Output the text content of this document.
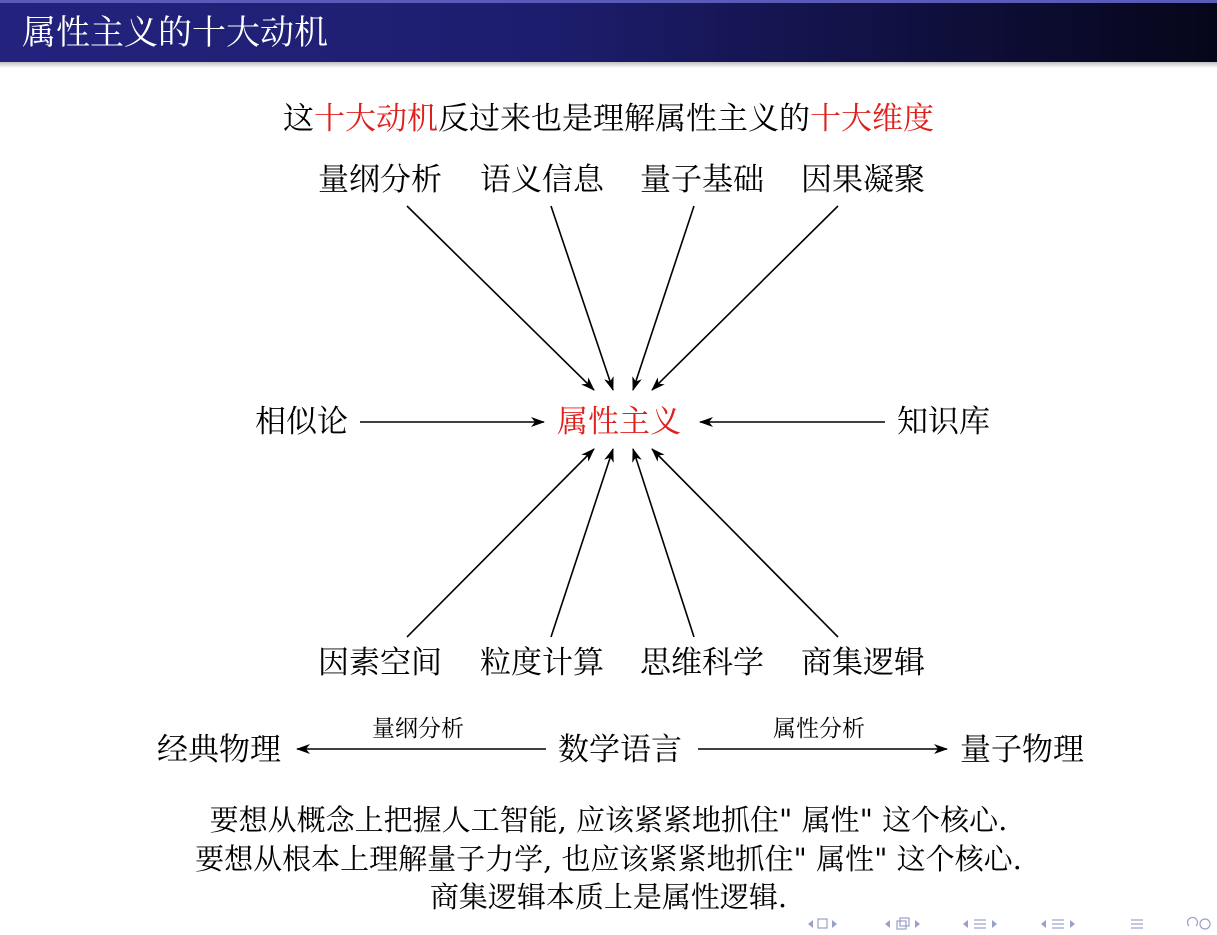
属性主义的十大动机
这十大动机反过来也是理解属性主义的十大维度
量纲分析 语义信息 量子基础 因果凝聚
相似论	属性主义	知识库
因素空间 粒度计算 思维科学 商集逻辑
经典物理	数学语言	量子物理
量纲分析	属性分析
要想从概念上把握人工智能, 应该紧紧地抓住" 属性" 这个核心.
要想从根本上理解量子力学, 也应该紧紧地抓住" 属性" 这个核心.
商集逻辑本质上是属性逻辑.
